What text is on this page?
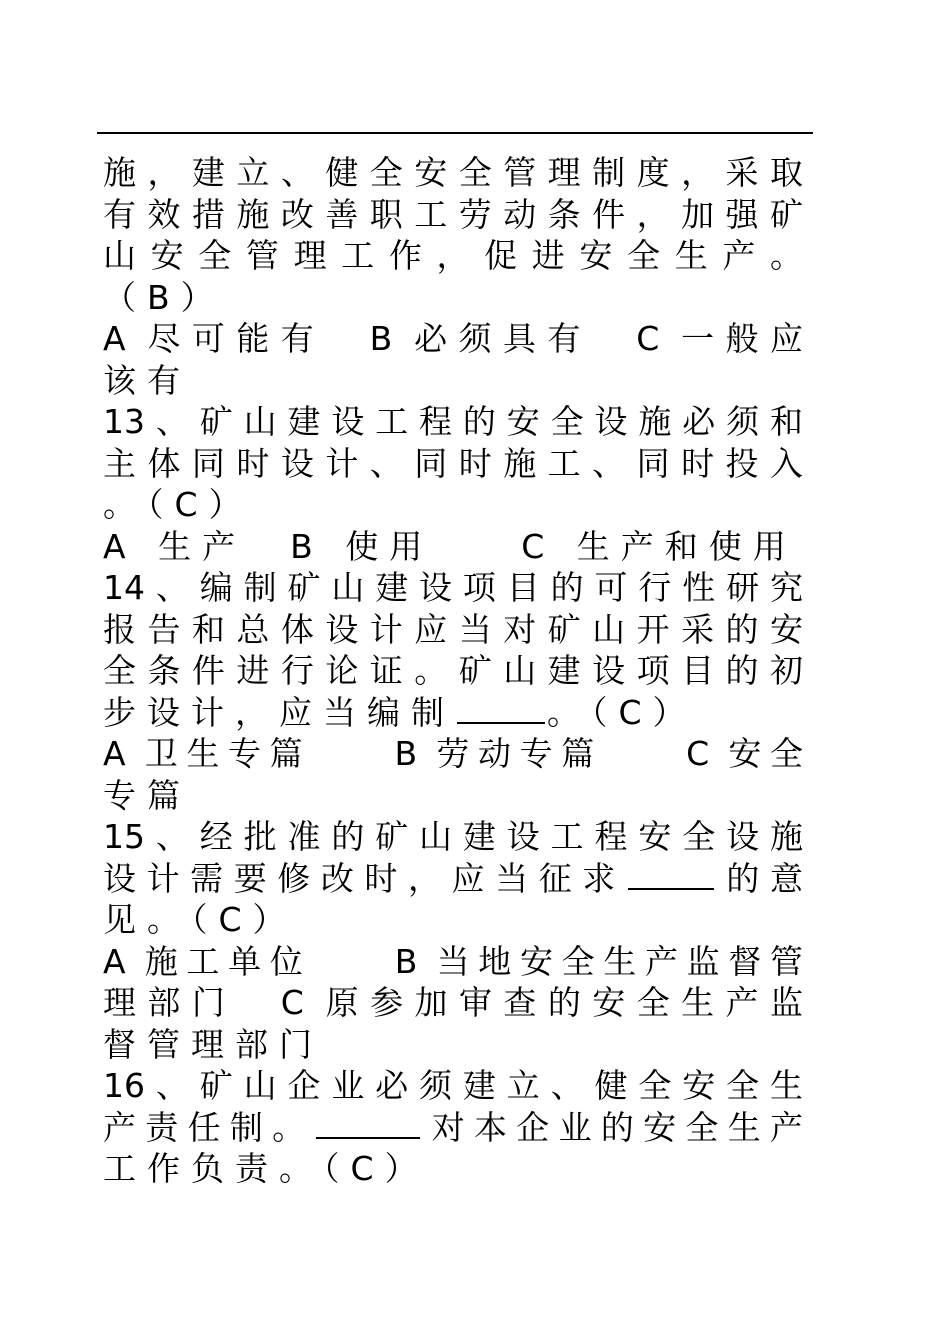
施，建立、健全安全管理制度，采取
有效措施改善职工劳动条件，加强矿
山安全管理工作，促进安全生产。
（B）
A 尽可能有　B 必须具有　C 一般应
该有
13、矿山建设工程的安全设施必须和
主体同时设计、同时施工、同时投入
。（C）
A 生产　B 使用　　C 生产和使用
14、编制矿山建设项目的可行性研究
报告和总体设计应当对矿山开采的安
全条件进行论证。矿山建设项目的初
步设计，应当编制	。（C）
A 卫生专篇　　B 劳动专篇　　C 安全
专篇
15、经批准的矿山建设工程安全设施
设计需要修改时，应当征求	的意
见。（C）
A 施工单位　　B 当地安全生产监督管
理部门　C 原参加审查的安全生产监
督管理部门
16、矿山企业必须建立、健全安全生
产责任制。	对本企业的安全生产
工作负责。（C）
